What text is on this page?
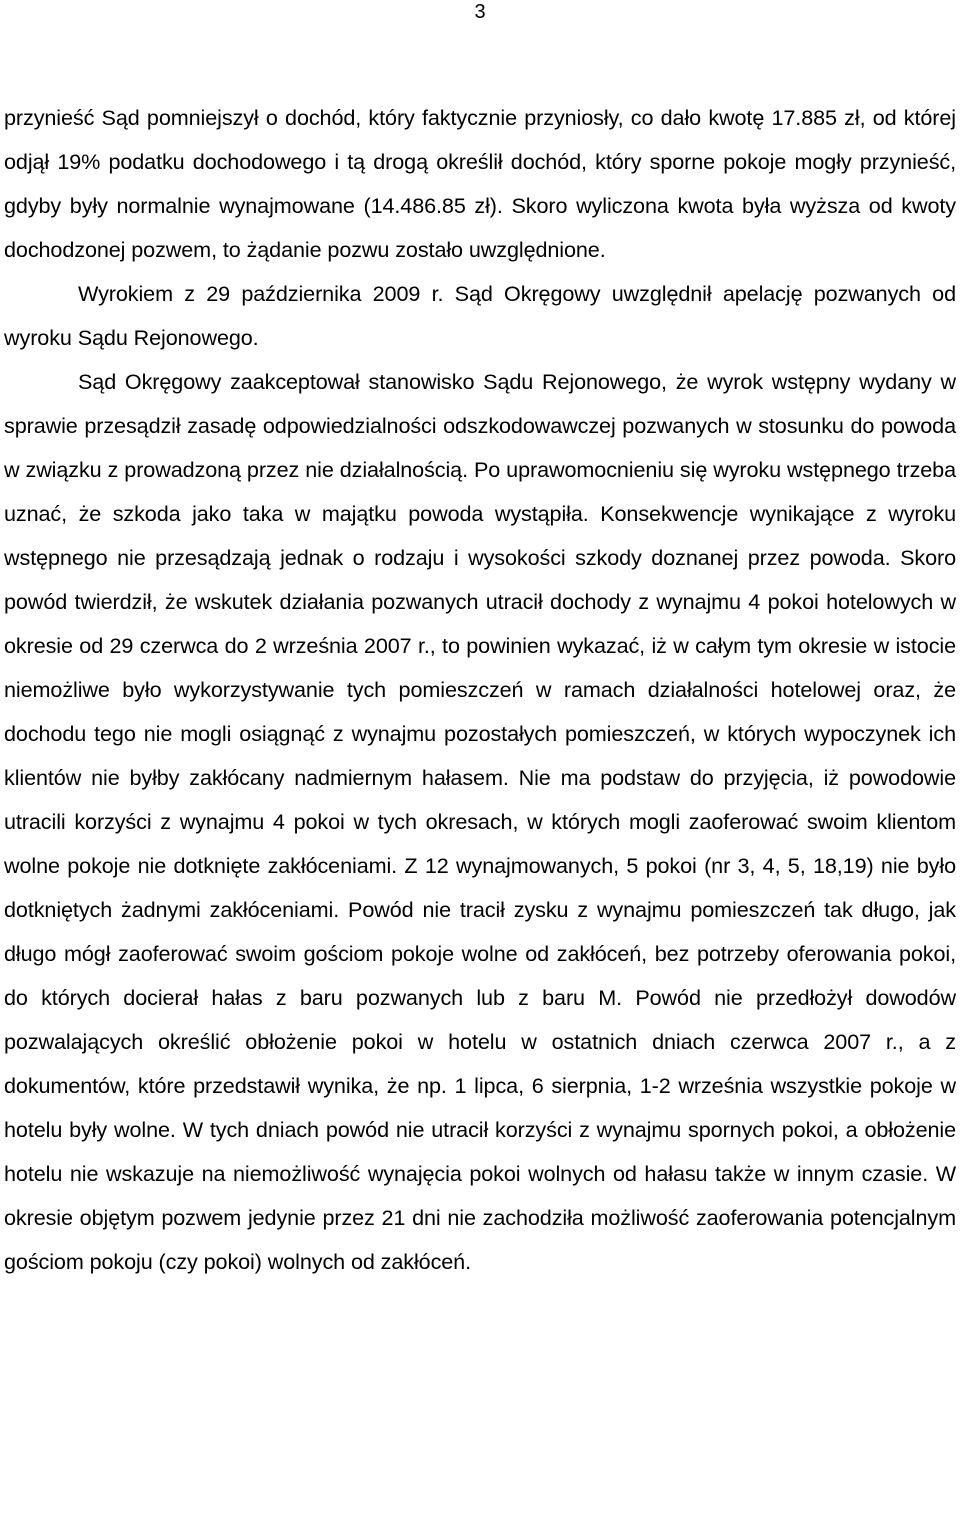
3

przynieść Sąd pomniejszył o dochód, który faktycznie przyniosły, co dało kwotę 17.885 zł, od której odjął 19% podatku dochodowego i tą drogą określił dochód, który sporne pokoje mogły przynieść, gdyby były normalnie wynajmowane (14.486.85 zł). Skoro wyliczona kwota była wyższa od kwoty dochodzonej pozwem, to żądanie pozwu zostało uwzględnione.

Wyrokiem z 29 października 2009 r. Sąd Okręgowy uwzględnił apelację pozwanych od wyroku Sądu Rejonowego.

Sąd Okręgowy zaakceptował stanowisko Sądu Rejonowego, że wyrok wstępny wydany w sprawie przesądził zasadę odpowiedzialności odszkodowawczej pozwanych w stosunku do powoda w związku z prowadzoną przez nie działalnością. Po uprawomocnieniu się wyroku wstępnego trzeba uznać, że szkoda jako taka w majątku powoda wystąpiła. Konsekwencje wynikające z wyroku wstępnego nie przesądzają jednak o rodzaju i wysokości szkody doznanej przez powoda. Skoro powód twierdził, że wskutek działania pozwanych utracił dochody z wynajmu 4 pokoi hotelowych w okresie od 29 czerwca do 2 września 2007 r., to powinien wykazać, iż w całym tym okresie w istocie niemożliwe było wykorzystywanie tych pomieszczeń w ramach działalności hotelowej oraz, że dochodu tego nie mogli osiągnąć z wynajmu pozostałych pomieszczeń, w których wypoczynek ich klientów nie byłby zakłócany nadmiernym hałasem. Nie ma podstaw do przyjęcia, iż powodowie utracili korzyści z wynajmu 4 pokoi w tych okresach, w których mogli zaoferować swoim klientom wolne pokoje nie dotknięte zakłóceniami. Z 12 wynajmowanych, 5 pokoi (nr 3, 4, 5, 18,19) nie było dotkniętych żadnymi zakłóceniami. Powód nie tracił zysku z wynajmu pomieszczeń tak długo, jak długo mógł zaoferować swoim gościom pokoje wolne od zakłóceń, bez potrzeby oferowania pokoi, do których docierał hałas z baru pozwanych lub z baru M. Powód nie przedłożył dowodów pozwalających określić obłożenie pokoi w hotelu w ostatnich dniach czerwca 2007 r., a z dokumentów, które przedstawił wynika, że np. 1 lipca, 6 sierpnia, 1-2 września wszystkie pokoje w hotelu były wolne. W tych dniach powód nie utracił korzyści z wynajmu spornych pokoi, a obłożenie hotelu nie wskazuje na niemożliwość wynajęcia pokoi wolnych od hałasu także w innym czasie. W okresie objętym pozwem jedynie przez 21 dni nie zachodziła możliwość zaoferowania potencjalnym gościom pokoju (czy pokoi) wolnych od zakłóceń.
